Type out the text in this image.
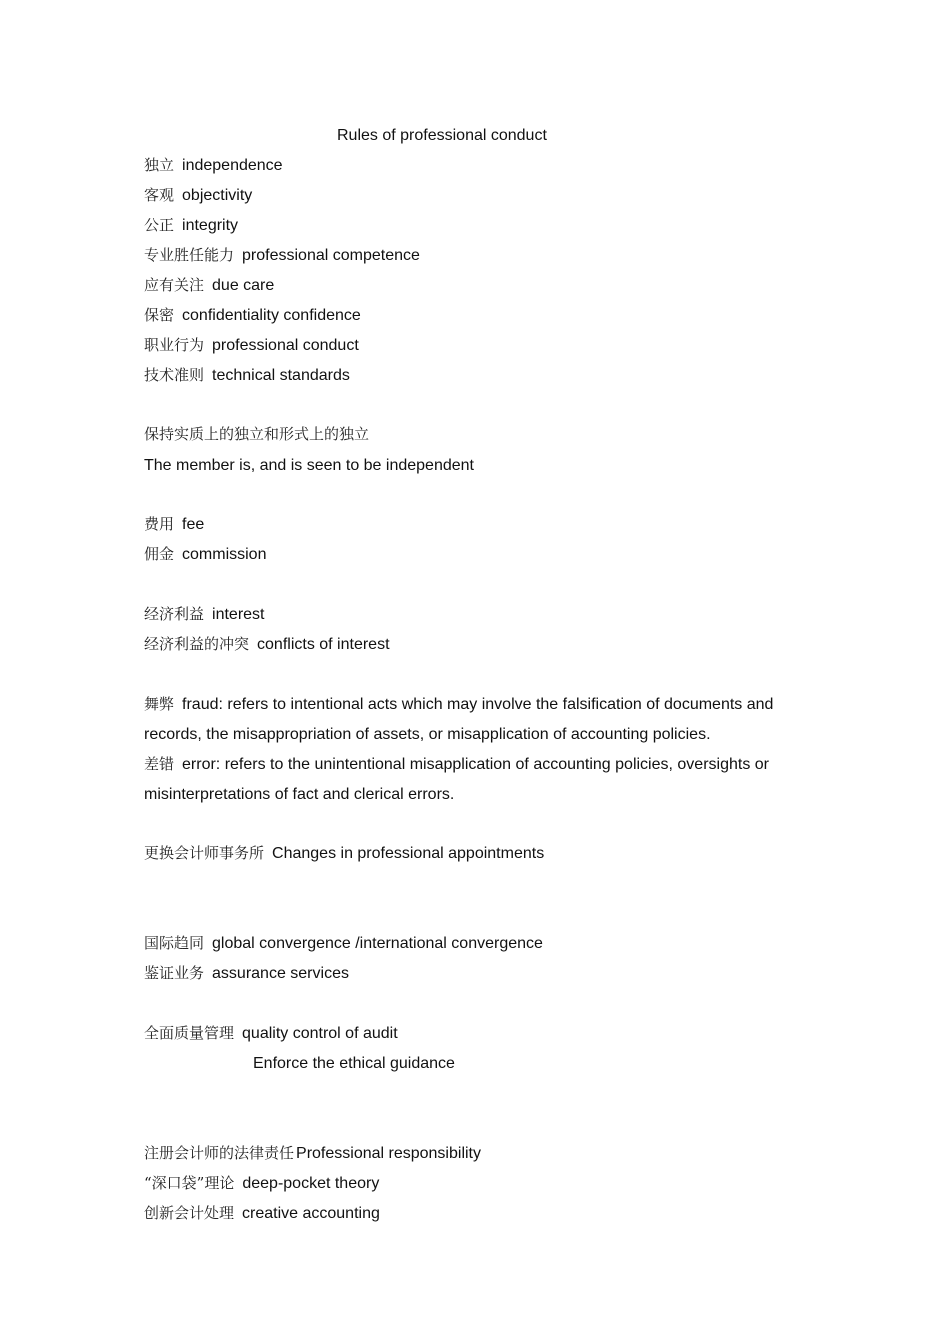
Rules of professional conduct
独立 independence
客观 objectivity
公正 integrity
专业胜任能力 professional competence
应有关注 due care
保密 confidentiality confidence
职业行为 professional conduct
技术准则 technical standards
保持实质上的独立和形式上的独立
The member is, and is seen to be independent
费用 fee
佣金 commission
经济利益 interest
经济利益的冲突 conflicts of interest
舞弊 fraud: refers to intentional acts which may involve the falsification of documents and
records, the misappropriation of assets, or misapplication of accounting policies.
差错 error: refers to the unintentional misapplication of accounting policies, oversights or
misinterpretations of fact and clerical errors.
更换会计师事务所 Changes in professional appointments
国际趋同 global convergence /international convergence
鉴证业务 assurance services
全面质量管理 quality control of audit
Enforce the ethical guidance
注册会计师的法律责任 Professional responsibility
“深口袋”理论 deep-pocket theory
创新会计处理 creative accounting
